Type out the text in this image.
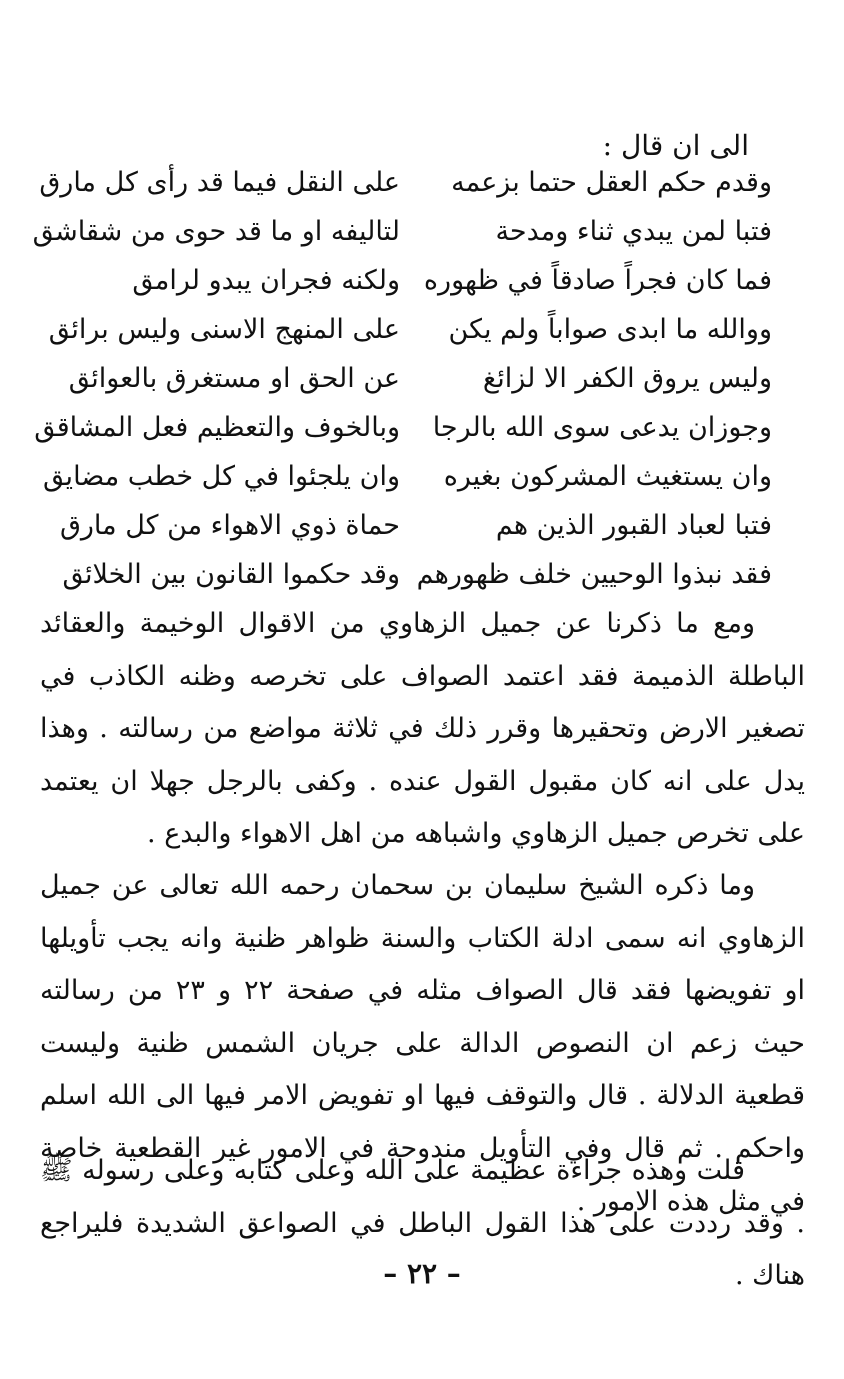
الى ان قال :
وقدم حكم العقل حتما بزعمه
على النقل فيما قد رأى كل مارق
فتبا لمن يبدي ثناء ومدحة
لتاليفه او ما قد حوى من شقاشق
فما كان فجراً صادقاً في ظهوره
ولكنه فجران يبدو لرامق
ووالله ما ابدى صواباً ولم يكن
على المنهج الاسنى وليس برائق
وليس يروق الكفر الا لزائغ
عن الحق او مستغرق بالعوائق
وجوزان يدعى سوى الله بالرجا
وبالخوف والتعظيم فعل المشاقق
وان يستغيث المشركون بغيره
وان يلجئوا في كل خطب مضايق
فتبا لعباد القبور الذين هم
حماة ذوي الاهواء من كل مارق
فقد نبذوا الوحيين خلف ظهورهم
وقد حكموا القانون بين الخلائق

ومع ما ذكرنا عن جميل الزهاوي من الاقوال الوخيمة والعقائد الباطلة الذميمة فقد اعتمد الصواف على تخرصه وظنه الكاذب في تصغير الارض وتحقيرها وقرر ذلك في ثلاثة مواضع من رسالته . وهذا يدل على انه كان مقبول القول عنده . وكفى بالرجل جهلا ان يعتمد على تخرص جميل الزهاوي واشباهه من اهل الاهواء والبدع .

وما ذكره الشيخ سليمان بن سحمان رحمه الله تعالى عن جميل الزهاوي انه سمى ادلة الكتاب والسنة ظواهر ظنية وانه يجب تأويلها او تفويضها فقد قال الصواف مثله في صفحة ٢٢ و ٢٣ من رسالته حيث زعم ان النصوص الدالة على جريان الشمس ظنية وليست قطعية الدلالة . قال والتوقف فيها او تفويض الامر فيها الى الله اسلم واحكم . ثم قال وفي التأويل مندوحة في الامور غير القطعية خاصة في مثل هذه الامور .

قلت وهذه جراءة عظيمة على الله وعلى كتابه وعلى رسوله ﷺ . وقد رددت على هذا القول الباطل في الصواعق الشديدة فليراجع هناك .

– ٢٢ –
